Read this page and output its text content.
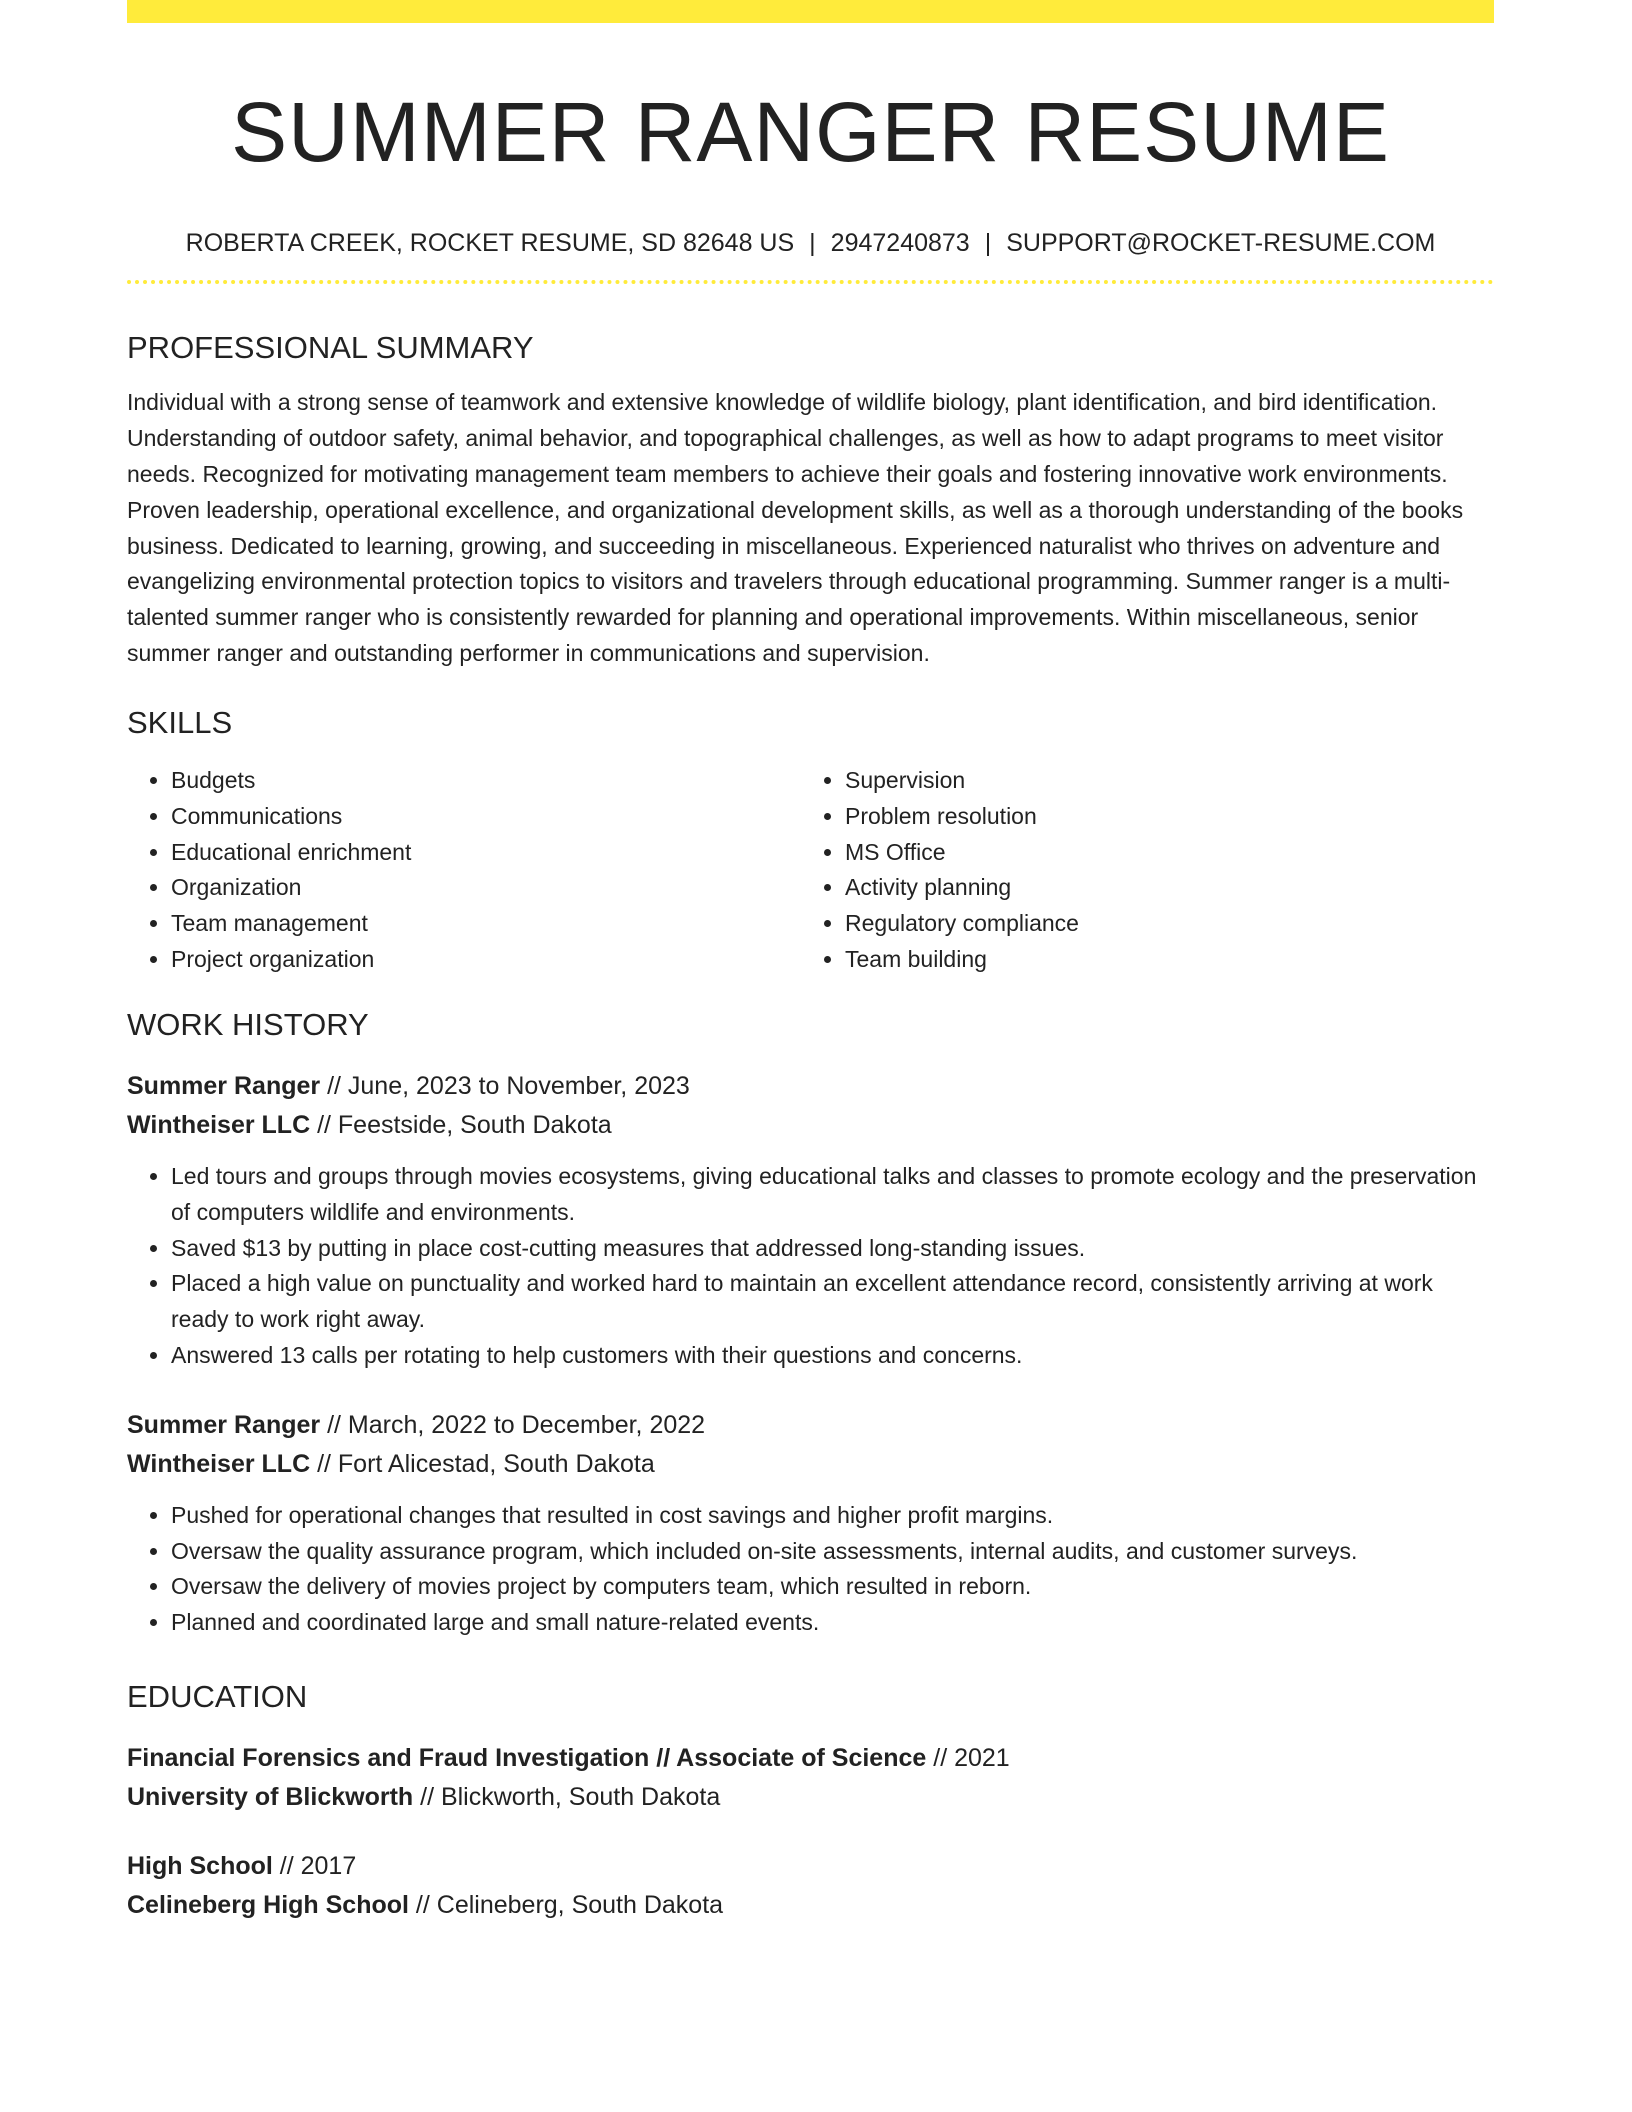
SUMMER RANGER RESUME
ROBERTA CREEK, ROCKET RESUME, SD 82648 US | 2947240873 | SUPPORT@ROCKET-RESUME.COM
PROFESSIONAL SUMMARY

Individual with a strong sense of teamwork and extensive knowledge of wildlife biology, plant identification, and bird identification. Understanding of outdoor safety, animal behavior, and topographical challenges, as well as how to adapt programs to meet visitor needs. Recognized for motivating management team members to achieve their goals and fostering innovative work environments. Proven leadership, operational excellence, and organizational development skills, as well as a thorough understanding of the books business. Dedicated to learning, growing, and succeeding in miscellaneous. Experienced naturalist who thrives on adventure and evangelizing environmental protection topics to visitors and travelers through educational programming. Summer ranger is a multi-talented summer ranger who is consistently rewarded for planning and operational improvements. Within miscellaneous, senior summer ranger and outstanding performer in communications and supervision.

SKILLS
• Budgets
• Communications
• Educational enrichment
• Organization
• Team management
• Project organization
• Supervision
• Problem resolution
• MS Office
• Activity planning
• Regulatory compliance
• Team building
WORK HISTORY
Summer Ranger // June, 2023 to November, 2023
Wintheiser LLC // Feestside, South Dakota
• Led tours and groups through movies ecosystems, giving educational talks and classes to promote ecology and the preservation of computers wildlife and environments.
• Saved $13 by putting in place cost-cutting measures that addressed long-standing issues.
• Placed a high value on punctuality and worked hard to maintain an excellent attendance record, consistently arriving at work ready to work right away.
• Answered 13 calls per rotating to help customers with their questions and concerns.
Summer Ranger // March, 2022 to December, 2022
Wintheiser LLC // Fort Alicestad, South Dakota
• Pushed for operational changes that resulted in cost savings and higher profit margins.
• Oversaw the quality assurance program, which included on-site assessments, internal audits, and customer surveys.
• Oversaw the delivery of movies project by computers team, which resulted in reborn.
• Planned and coordinated large and small nature-related events.
EDUCATION
Financial Forensics and Fraud Investigation // Associate of Science // 2021
University of Blickworth // Blickworth, South Dakota
High School // 2017
Celineberg High School // Celineberg, South Dakota
